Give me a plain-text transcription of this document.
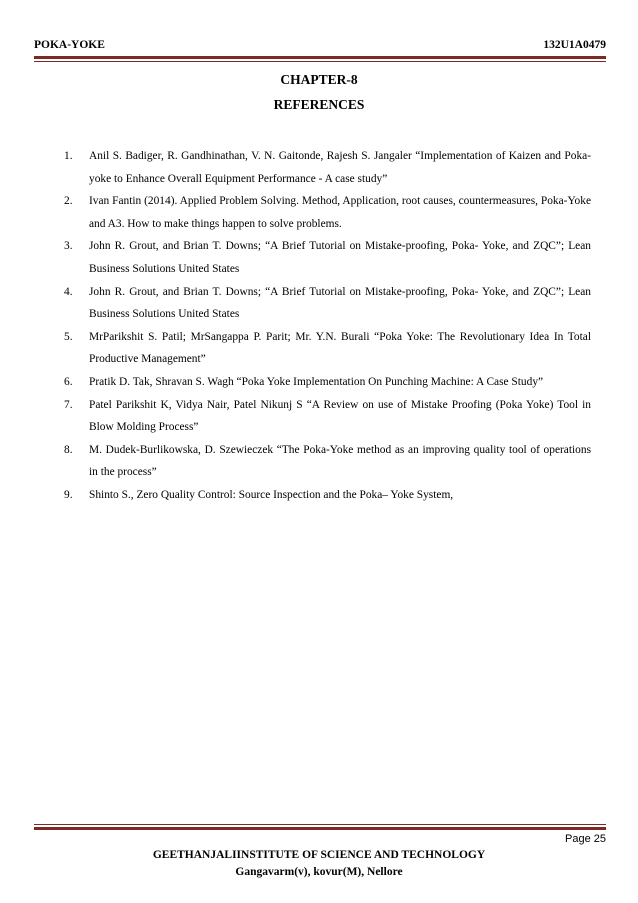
POKA-YOKE	132U1A0479
CHAPTER-8
REFERENCES
1. Anil S. Badiger, R. Gandhinathan, V. N. Gaitonde, Rajesh S. Jangaler “Implementation of Kaizen and Poka-yoke to Enhance Overall Equipment Performance - A case study”
2. Ivan Fantin (2014). Applied Problem Solving. Method, Application, root causes, countermeasures, Poka-Yoke and A3. How to make things happen to solve problems.
3. John R. Grout, and Brian T. Downs; “A Brief Tutorial on Mistake-proofing, Poka- Yoke, and ZQC”; Lean Business Solutions United States
4. John R. Grout, and Brian T. Downs; “A Brief Tutorial on Mistake-proofing, Poka- Yoke, and ZQC”; Lean Business Solutions United States
5. MrParikshit S. Patil; MrSangappa P. Parit; Mr. Y.N. Burali “Poka Yoke: The Revolutionary Idea In Total Productive Management”
6. Pratik D. Tak, Shravan S. Wagh “Poka Yoke Implementation On Punching Machine: A Case Study”
7. Patel Parikshit K, Vidya Nair, Patel Nikunj S “A Review on use of Mistake Proofing (Poka Yoke) Tool in Blow Molding Process”
8. M. Dudek-Burlikowska, D. Szewieczek “The Poka-Yoke method as an improving quality tool of operations in the process”
9. Shinto S., Zero Quality Control: Source Inspection and the Poka– Yoke System,
Page 25
GEETHANJALIINSTITUTE OF SCIENCE AND TECHNOLOGY
Gangavarm(v), kovur(M), Nellore
